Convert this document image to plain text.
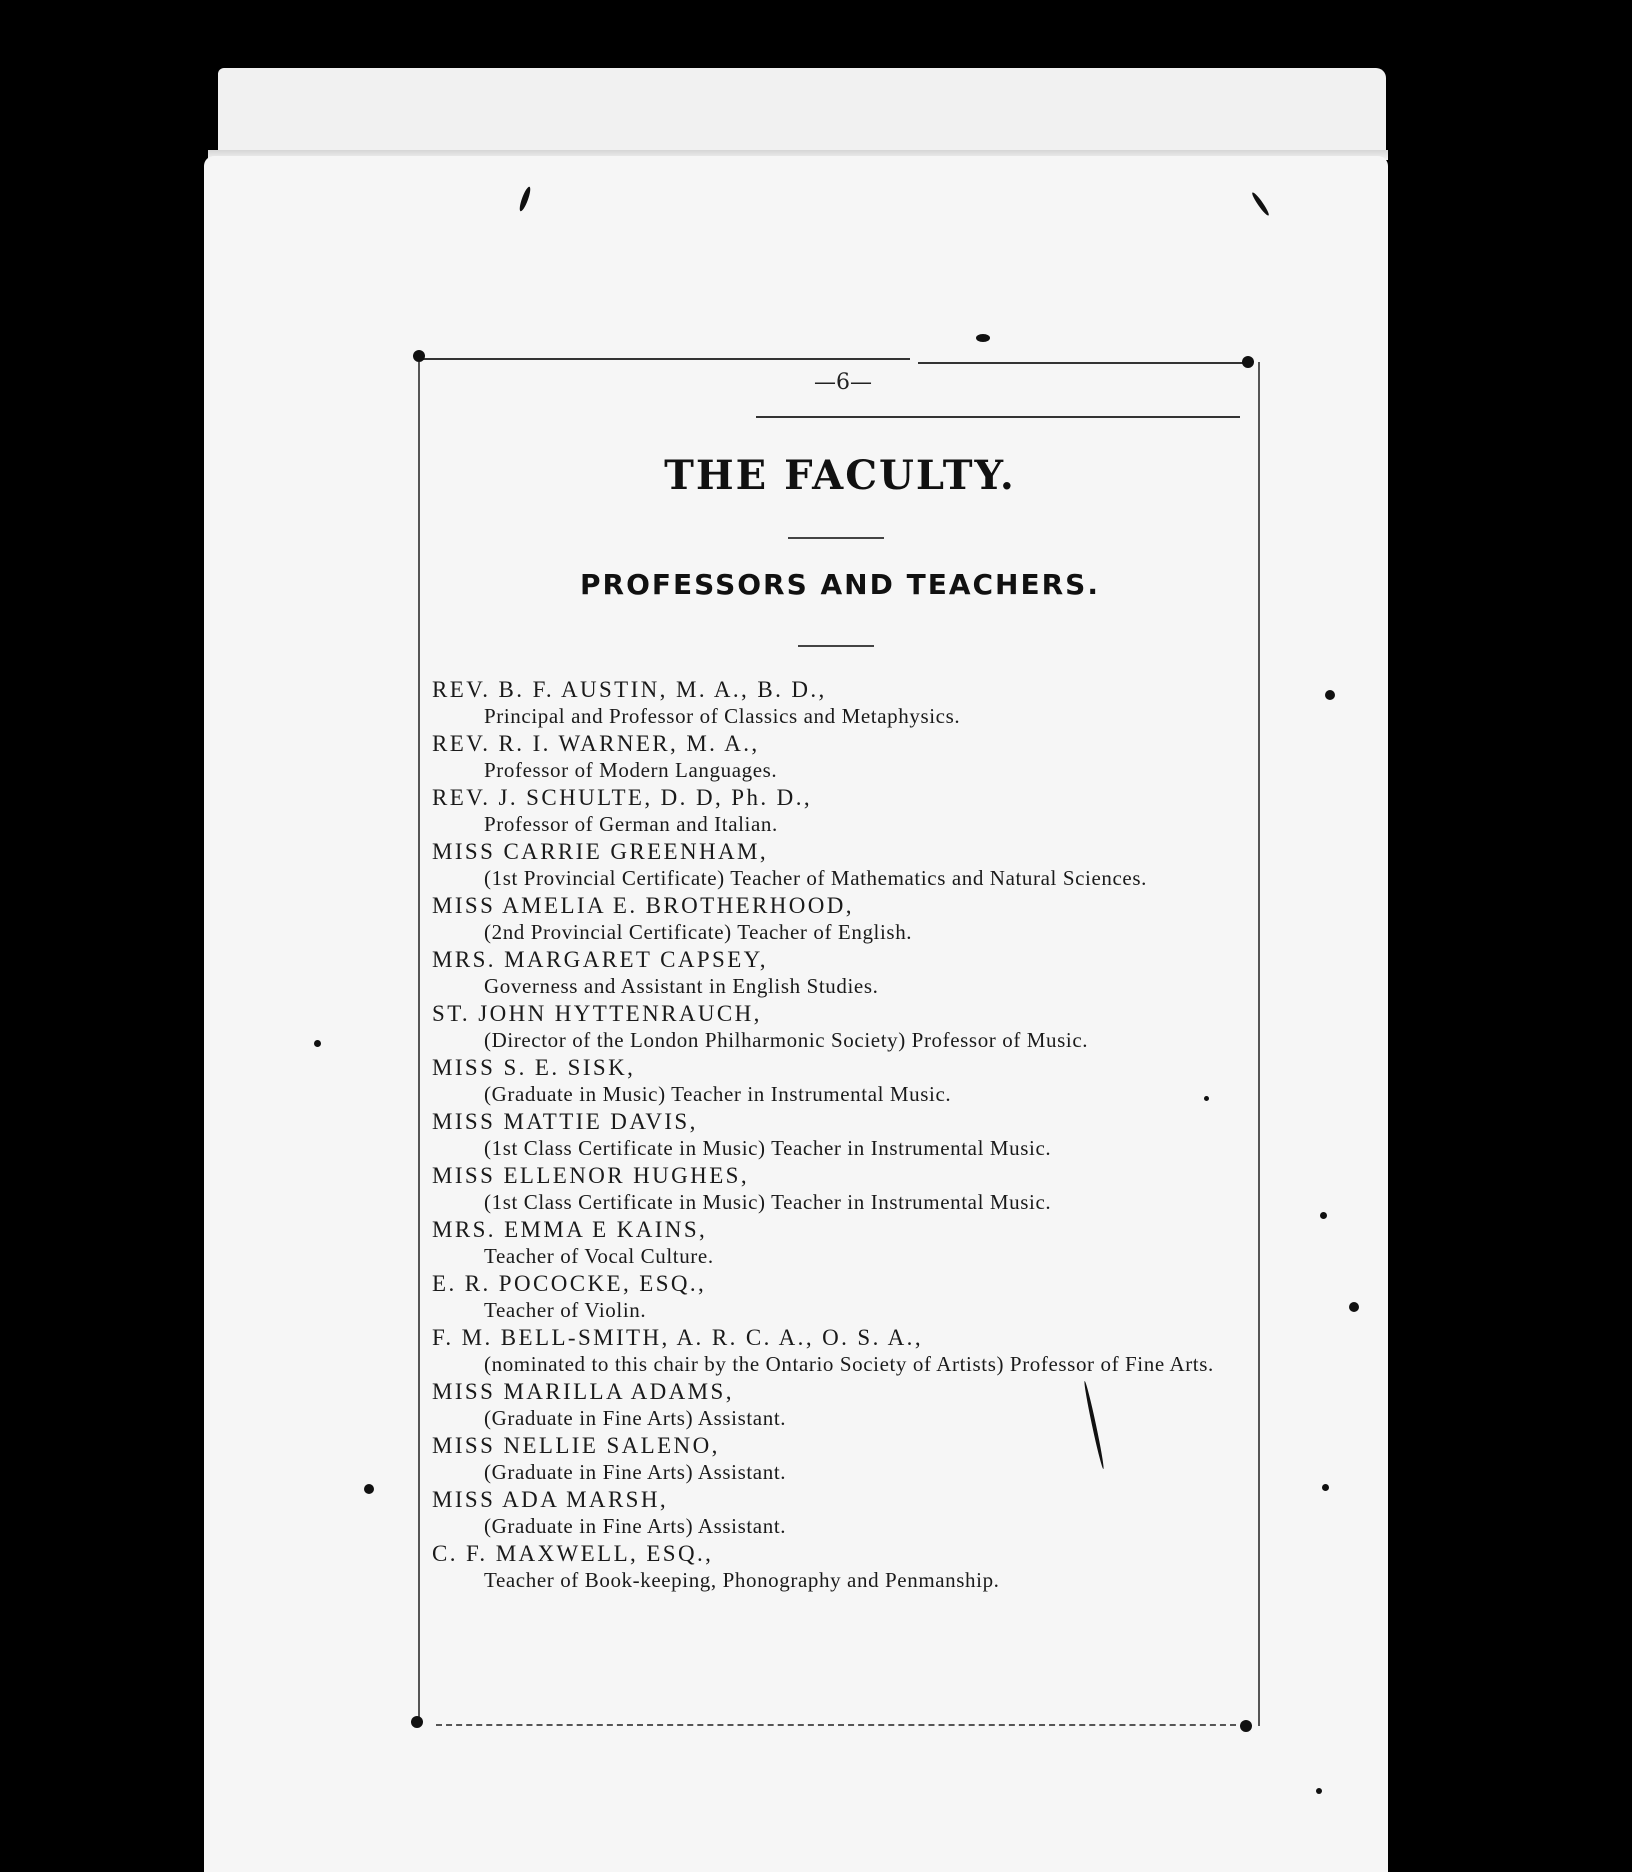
—6—
THE FACULTY.
PROFESSORS AND TEACHERS.
REV. B. F. AUSTIN, M. A., B. D.,
Principal and Professor of Classics and Metaphysics.
REV. R. I. WARNER, M. A.,
Professor of Modern Languages.
REV. J. SCHULTE, D. D, Ph. D.,
Professor of German and Italian.
MISS CARRIE GREENHAM,
(1st Provincial Certificate) Teacher of Mathematics and Natural Sciences.
MISS AMELIA E. BROTHERHOOD,
(2nd Provincial Certificate) Teacher of English.
MRS. MARGARET CAPSEY,
Governess and Assistant in English Studies.
ST. JOHN HYTTENRAUCH,
(Director of the London Philharmonic Society) Professor of Music.
MISS S. E. SISK,
(Graduate in Music) Teacher in Instrumental Music.
MISS MATTIE DAVIS,
(1st Class Certificate in Music) Teacher in Instrumental Music.
MISS ELLENOR HUGHES,
(1st Class Certificate in Music) Teacher in Instrumental Music.
MRS. EMMA E KAINS,
Teacher of Vocal Culture.
E. R. POCOCKE, ESQ.,
Teacher of Violin.
F. M. BELL-SMITH, A. R. C. A., O. S. A.,
(nominated to this chair by the Ontario Society of Artists) Professor of Fine Arts.
MISS MARILLA ADAMS,
(Graduate in Fine Arts) Assistant.
MISS NELLIE SALENO,
(Graduate in Fine Arts) Assistant.
MISS ADA MARSH,
(Graduate in Fine Arts) Assistant.
C. F. MAXWELL, ESQ.,
Teacher of Book-keeping, Phonography and Penmanship.
